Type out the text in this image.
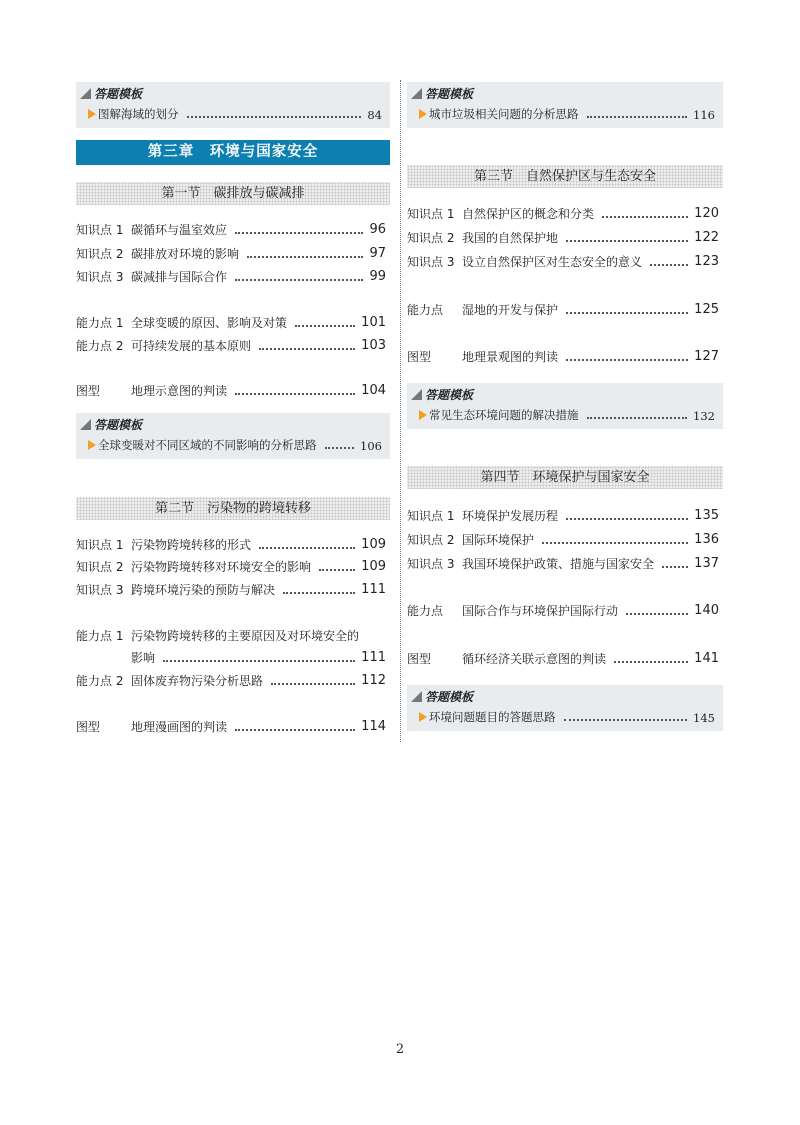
答题模板
图解海域的划分	84
第三章　环境与国家安全
第一节　碳排放与碳减排
知识点 1 碳循环与温室效应	96
知识点 2 碳排放对环境的影响	97
知识点 3 碳减排与国际合作	99
能力点 1 全球变暖的原因、影响及对策	101
能力点 2 可持续发展的基本原则	103
图型	地理示意图的判读	104
答题模板
全球变暖对不同区域的不同影响的分析思路	106
第二节　污染物的跨境转移
知识点 1 污染物跨境转移的形式	109
知识点 2 污染物跨境转移对环境安全的影响	109
知识点 3 跨境环境污染的预防与解决	111
能力点 1 污染物跨境转移的主要原因及对环境安全的
影响	111
能力点 2 固体废弃物污染分析思路	112
图型	地理漫画图的判读	114
答题模板
城市垃圾相关问题的分析思路	116
第三节　自然保护区与生态安全
知识点 1 自然保护区的概念和分类	120
知识点 2 我国的自然保护地	122
知识点 3 设立自然保护区对生态安全的意义	123
能力点	湿地的开发与保护	125
图型	地理景观图的判读	127
答题模板
常见生态环境问题的解决措施	132
第四节　环境保护与国家安全
知识点 1 环境保护发展历程	135
知识点 2 国际环境保护	136
知识点 3 我国环境保护政策、措施与国家安全	137
能力点	国际合作与环境保护国际行动	140
图型	循环经济关联示意图的判读	141
答题模板
环境问题题目的答题思路	145
2
